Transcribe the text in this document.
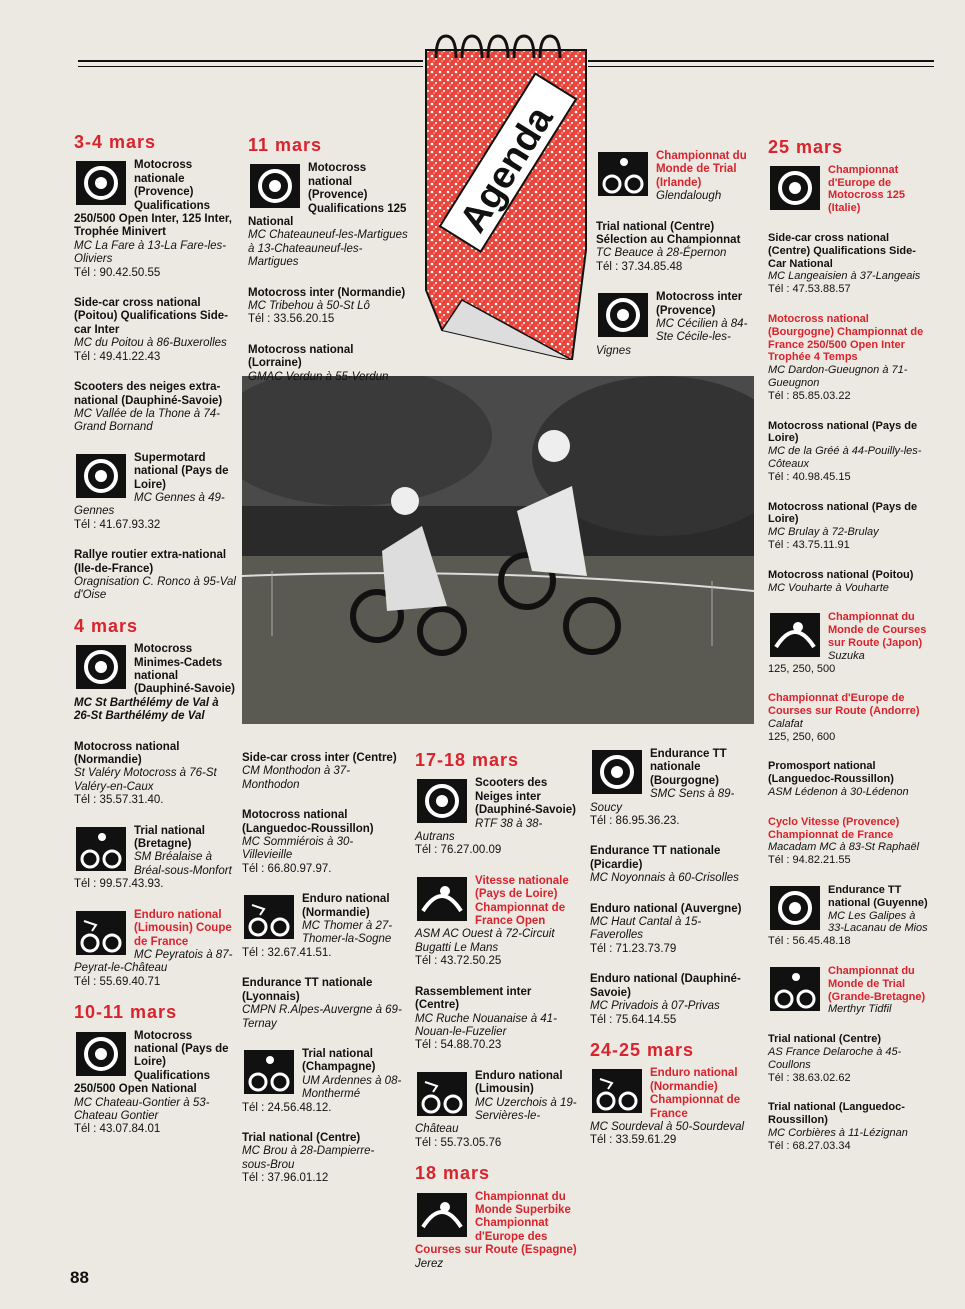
Agenda
3-4 mars
Motocross nationale (Provence) Qualifications 250/500 Open Inter, 125 Inter, Trophée Minivert
MC La Fare à 13-La Fare-les-Oliviers
Tél : 90.42.50.55
Side-car cross national (Poitou) Qualifications Side-car Inter
MC du Poitou à 86-Buxerolles
Tél : 49.41.22.43
Scooters des neiges extra-national (Dauphiné-Savoie)
MC Vallée de la Thone à 74-Grand Bornand
Supermotard national (Pays de Loire)
MC Gennes à 49-Gennes
Tél : 41.67.93.32
Rallye routier extra-national (Ile-de-France)
Oragnisation C. Ronco à 95-Val d'Oise
4 mars
Motocross Minimes-Cadets national (Dauphiné-Savoie)
MC St Barthélémy de Val à 26-St Barthélémy de Val
Motocross national (Normandie)
St Valéry Motocross à 76-St Valéry-en-Caux
Tél : 35.57.31.40.
Trial national (Bretagne)
SM Bréalaise à Bréal-sous-Monfort
Tél : 99.57.43.93.
Enduro national (Limousin) Coupe de France
MC Peyratois à 87-Peyrat-le-Château
Tél : 55.69.40.71
10-11 mars
Motocross national (Pays de Loire) Qualifications 250/500 Open National
MC Chateau-Gontier à 53-Chateau Gontier
Tél : 43.07.84.01
11 mars
Motocross national (Provence) Qualifications 125 National
MC Chateauneuf-les-Martigues à 13-Chateauneuf-les-Martigues
Motocross inter (Normandie)
MC Tribehou à 50-St Lô
Tél : 33.56.20.15
Motocross national (Lorraine)
GMAC Verdun à 55-Verdun
Side-car cross inter (Centre)
CM Monthodon à 37-Monthodon
Motocross national (Languedoc-Roussillon)
MC Sommiérois à 30-Villevieille
Tél : 66.80.97.97.
Enduro national (Normandie)
MC Thomer à 27-Thomer-la-Sogne
Tél : 32.67.41.51.
Endurance TT nationale (Lyonnais)
CMPN R.Alpes-Auvergne à 69-Ternay
Trial national (Champagne)
UM Ardennes à 08-Monthermé
Tél : 24.56.48.12.
Trial national (Centre)
MC Brou à 28-Dampierre-sous-Brou
Tél : 37.96.01.12
Championnat du Monde de Trial (Irlande)
Glendalough
Trial national (Centre) Sélection au Championnat
TC Beauce à 28-Épernon
Tél : 37.34.85.48
Motocross inter (Provence)
MC Cécilien à 84-Ste Cécile-les-Vignes
17-18 mars
Scooters des Neiges inter (Dauphiné-Savoie)
RTF 38 à 38-Autrans
Tél : 76.27.00.09
Vitesse nationale (Pays de Loire) Championnat de France Open
ASM AC Ouest à 72-Circuit Bugatti Le Mans
Tél : 43.72.50.25
Rassemblement inter (Centre)
MC Ruche Nouanaise à 41-Nouan-le-Fuzelier
Tél : 54.88.70.23
Enduro national (Limousin)
MC Uzerchois à 19-Servières-le-Château
Tél : 55.73.05.76
18 mars
Championnat du Monde Superbike Championnat d'Europe des Courses sur Route (Espagne)
Jerez
Endurance TT nationale (Bourgogne)
SMC Sens à 89-Soucy
Tél : 86.95.36.23.
Endurance TT nationale (Picardie)
MC Noyonnais à 60-Crisolles
Enduro national (Auvergne)
MC Haut Cantal à 15-Faverolles
Tél : 71.23.73.79
Enduro national (Dauphiné-Savoie)
MC Privadois à 07-Privas
Tél : 75.64.14.55
24-25 mars
Enduro national (Normandie) Championnat de France
MC Sourdeval à 50-Sourdeval
Tél : 33.59.61.29
25 mars
Championnat d'Europe de Motocross 125 (Italie)
Side-car cross national (Centre) Qualifications Side-Car National
MC Langeaisien à 37-Langeais
Tél : 47.53.88.57
Motocross national (Bourgogne) Championnat de France 250/500 Open Inter Trophée 4 Temps
MC Dardon-Gueugnon à 71-Gueugnon
Tél : 85.85.03.22
Motocross national (Pays de Loire)
MC de la Gréé à 44-Pouilly-les-Côteaux
Tél : 40.98.45.15
Motocross national (Pays de Loire)
MC Brulay à 72-Brulay
Tél : 43.75.11.91
Motocross national (Poitou)
MC Vouharte à Vouharte
Championnat du Monde de Courses sur Route (Japon)
Suzuka
125, 250, 500
Championnat d'Europe de Courses sur Route (Andorre)
Calafat
125, 250, 600
Promosport national (Languedoc-Roussillon)
ASM Lédenon à 30-Lédenon
Cyclo Vitesse (Provence) Championnat de France
Macadam MC à 83-St Raphaël
Tél : 94.82.21.55
Endurance TT national (Guyenne)
MC Les Galipes à 33-Lacanau de Mios
Tél : 56.45.48.18
Championnat du Monde de Trial (Grande-Bretagne)
Merthyr Tidfil
Trial national (Centre)
AS France Delaroche à 45-Coullons
Tél : 38.63.02.62
Trial national (Languedoc-Roussillon)
MC Corbières à 11-Lézignan
Tél : 68.27.03.34
88
